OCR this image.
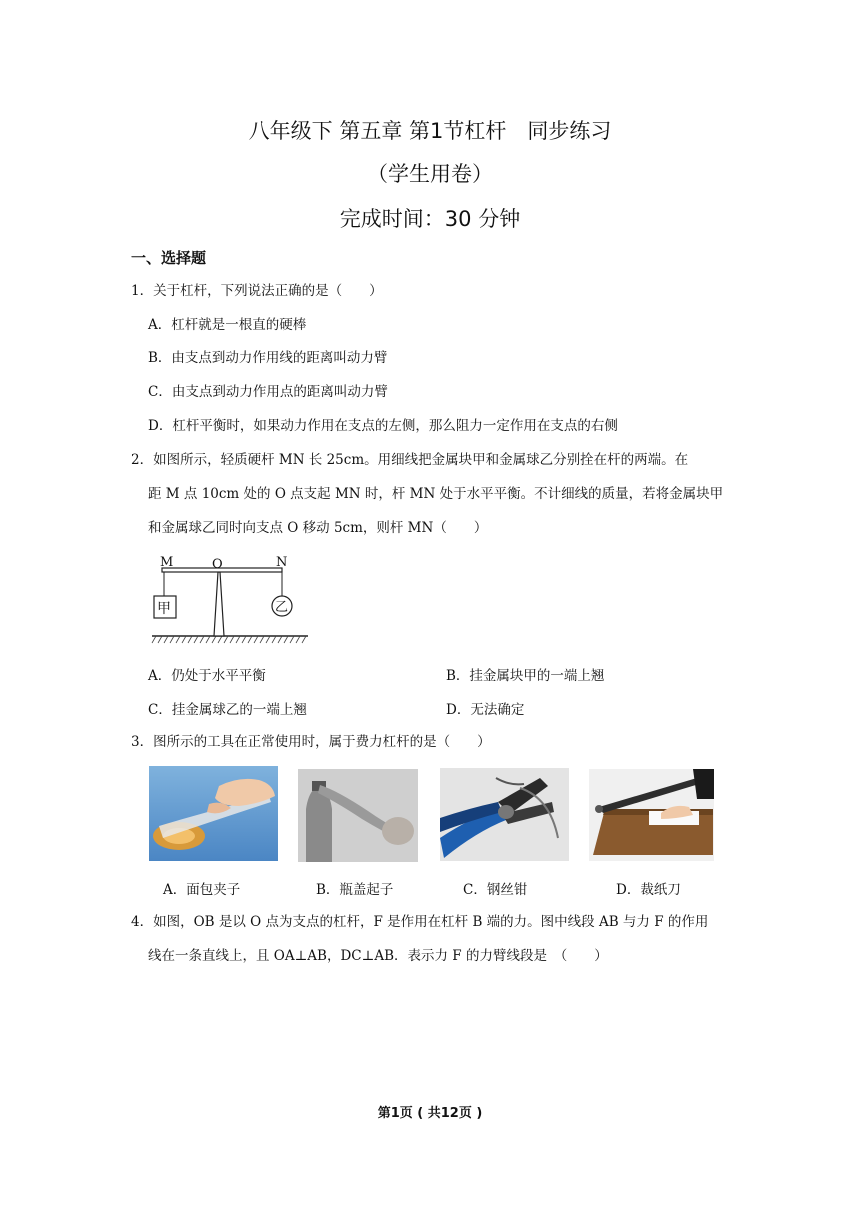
八年级下 第五章 第1节杠杆　同步练习
（学生用卷）
完成时间：30 分钟
一、选择题
1．关于杠杆，下列说法正确的是（　　）
A．杠杆就是一根直的硬棒
B．由支点到动力作用线的距离叫动力臂
C．由支点到动力作用点的距离叫动力臂
D．杠杆平衡时，如果动力作用在支点的左侧，那么阻力一定作用在支点的右侧
2．如图所示，轻质硬杆 MN 长 25cm。用细线把金属块甲和金属球乙分别拴在杆的两端。在
距 M 点 10cm 处的 O 点支起 MN 时，杆 MN 处于水平平衡。不计细线的质量，若将金属块甲
和金属球乙同时向支点 O 移动 5cm，则杆 MN（　　）
M	O	N
甲	乙
A．仍处于水平平衡	B．挂金属块甲的一端上翘
C．挂金属球乙的一端上翘	D．无法确定
3．图所示的工具在正常使用时，属于费力杠杆的是（　　）
A．面包夹子	B．瓶盖起子	C．钢丝钳	D．裁纸刀
4．如图，OB 是以 O 点为支点的杠杆，F 是作用在杠杆 B 端的力。图中线段 AB 与力 F 的作用
线在一条直线上，且 OA⊥AB，DC⊥AB．表示力 F 的力臂线段是　（　　）
第1页 ( 共12页 )
